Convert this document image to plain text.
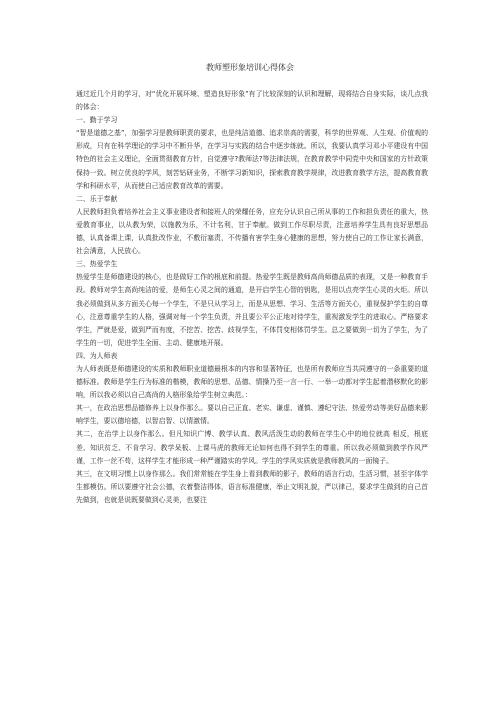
教师塑形象培训心得体会

通过近几个月的学习，对“优化开展环境、塑造良好形象”有了比较深刻的认识和理解，现将结合自身实际，谈几点我的体会：

一、勤于学习

“智是道德之基”，加强学习是教师职责的要求，也是纯洁道德、追求崇高的需要，科学的世界观、人生观、价值观的形成，只有在科学理论的学习中不断升华，在学习与实践的结合中逐步练就。所以，我要认真学习邓小平建设有中国特色的社会主义理论，全面贯彻教育方针，自觉遵守?教师法?等法律法规，在教育教学中同党中央和国家的方针政策保持一致。树立优良的学风，刻苦钻研业务，不断学习新知识，探索教育教学规律，改进教育教学方法，提高教育教学和科研水平，从而使自己适应教育改革的需要。

二、乐于奉献

人民教师担负着培养社会主义事业建设者和接班人的荣耀任务，应充分认识自己所从事的工作和担负责任的重大，热爱教育事业，以从教为荣，以施教为乐，不计名利，甘于奉献。做到工作尽职尽责，注意培养学生具有良好思想品德，认真备课上课，认真批改作业，不敷衍塞责，不传播有害学生身心健康的思想，努力使自己的工作让家长满意，社会满意，人民放心。

三、热爱学生

热爱学生是师德建设的核心，也是做好工作的根底和前提。热爱学生既是教师高尚师德品质的表现，又是一种教育手段。教师对学生高尚纯洁的爱，是师生心灵之间的通道，是开启学生心智的钥匙，是用以点亮学生心灵的火炬。所以我必须做到从多方面关心每一个学生，不是只从学习上，而是从思想、学习、生活等方面关心，重视保护学生的自尊心，注意尊重学生的人格，强调对每一个学生负责，并且要公平公正地对待学生，重视激发学生的进取心。严格要求学生，严就是爱，做到严而有度，不挖苦、挖苦、歧视学生，不体罚变相体罚学生。总之要做到一切为了学生，为了学生的一切，促进学生全面、主动、健康地开展。

四、为人师表

为人师表既是师德建设的实质和教师职业道德最根本的内容和显著特征，也是所有教师应当共同遵守的一条重要的道德标准。教师是学生行为标准的楷模，教师的思想、品德、情操乃至一言一行、一举一动都对学生起着潜移默化的影响，所以我必须以自己高尚的人格形象给学生树立典范。：

其一，在政治思想品德修养上以身作那么。要以自己正直、老实、谦虚、谨慎、遵纪守法、热爱劳动等美好品德来影响学生，要以德培德，以智启智、以情激情。

其二，在治学上以身作那么。但凡知识广博、教学认真、教风活泼生动的教师在学生心中的地位就高 相反，根底差、知识贫乏、不肯学习、教学呆板、上课马虎的教师无论如何也得不到学生的尊重。所以我必须做到教学作风严谨，工作一丝不苟，这样学生才能形成一种严谨踏实的学风。学生的学风实质就是教师教风的一面镜子。

其三，在文明习惯上以身作那么。我们常常能在学生身上看到教师的影子，教师的语言行动，生活习惯，甚至字体学生都模仿。所以要遵守社会公德，衣着整洁得体，语言标准健康，举止文明礼貌，严以律己，要求学生做到的自己首先做到，也就是说既要做到心灵美，也要注
